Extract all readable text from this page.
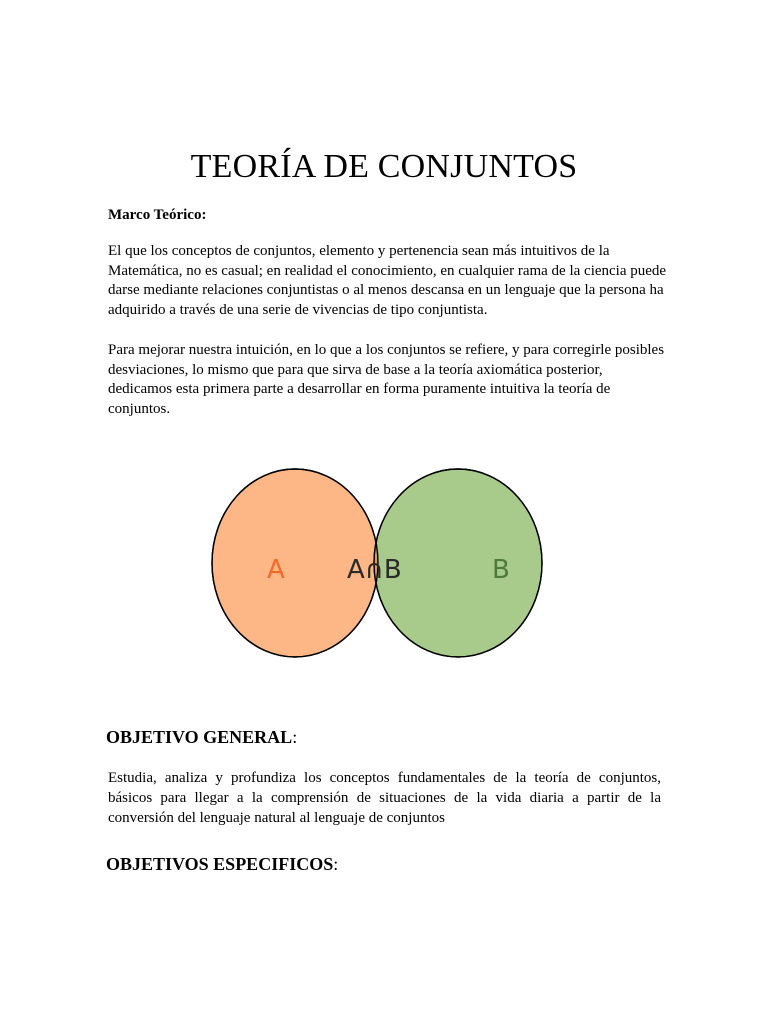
TEORÍA DE CONJUNTOS

Marco Teórico:

El que los conceptos de conjuntos, elemento y pertenencia sean más intuitivos de la Matemática, no es casual; en realidad el conocimiento, en cualquier rama de la ciencia puede darse mediante relaciones conjuntistas o al menos descansa en un lenguaje que la persona ha adquirido a través de una serie de vivencias de tipo conjuntista.

Para mejorar nuestra intuición, en lo que a los conjuntos se refiere, y para corregirle posibles desviaciones, lo mismo que para que sirva de base a la teoría axiomática posterior, dedicamos esta primera parte a desarrollar en forma puramente intuitiva la teoría de conjuntos.

A A∩B	B
OBJETIVO GENERAL:

Estudia, analiza y profundiza los conceptos fundamentales de la teoría de conjuntos, básicos para llegar a la comprensión de situaciones de la vida diaria a partir de la conversión del lenguaje natural al lenguaje de conjuntos

OBJETIVOS ESPECIFICOS:
